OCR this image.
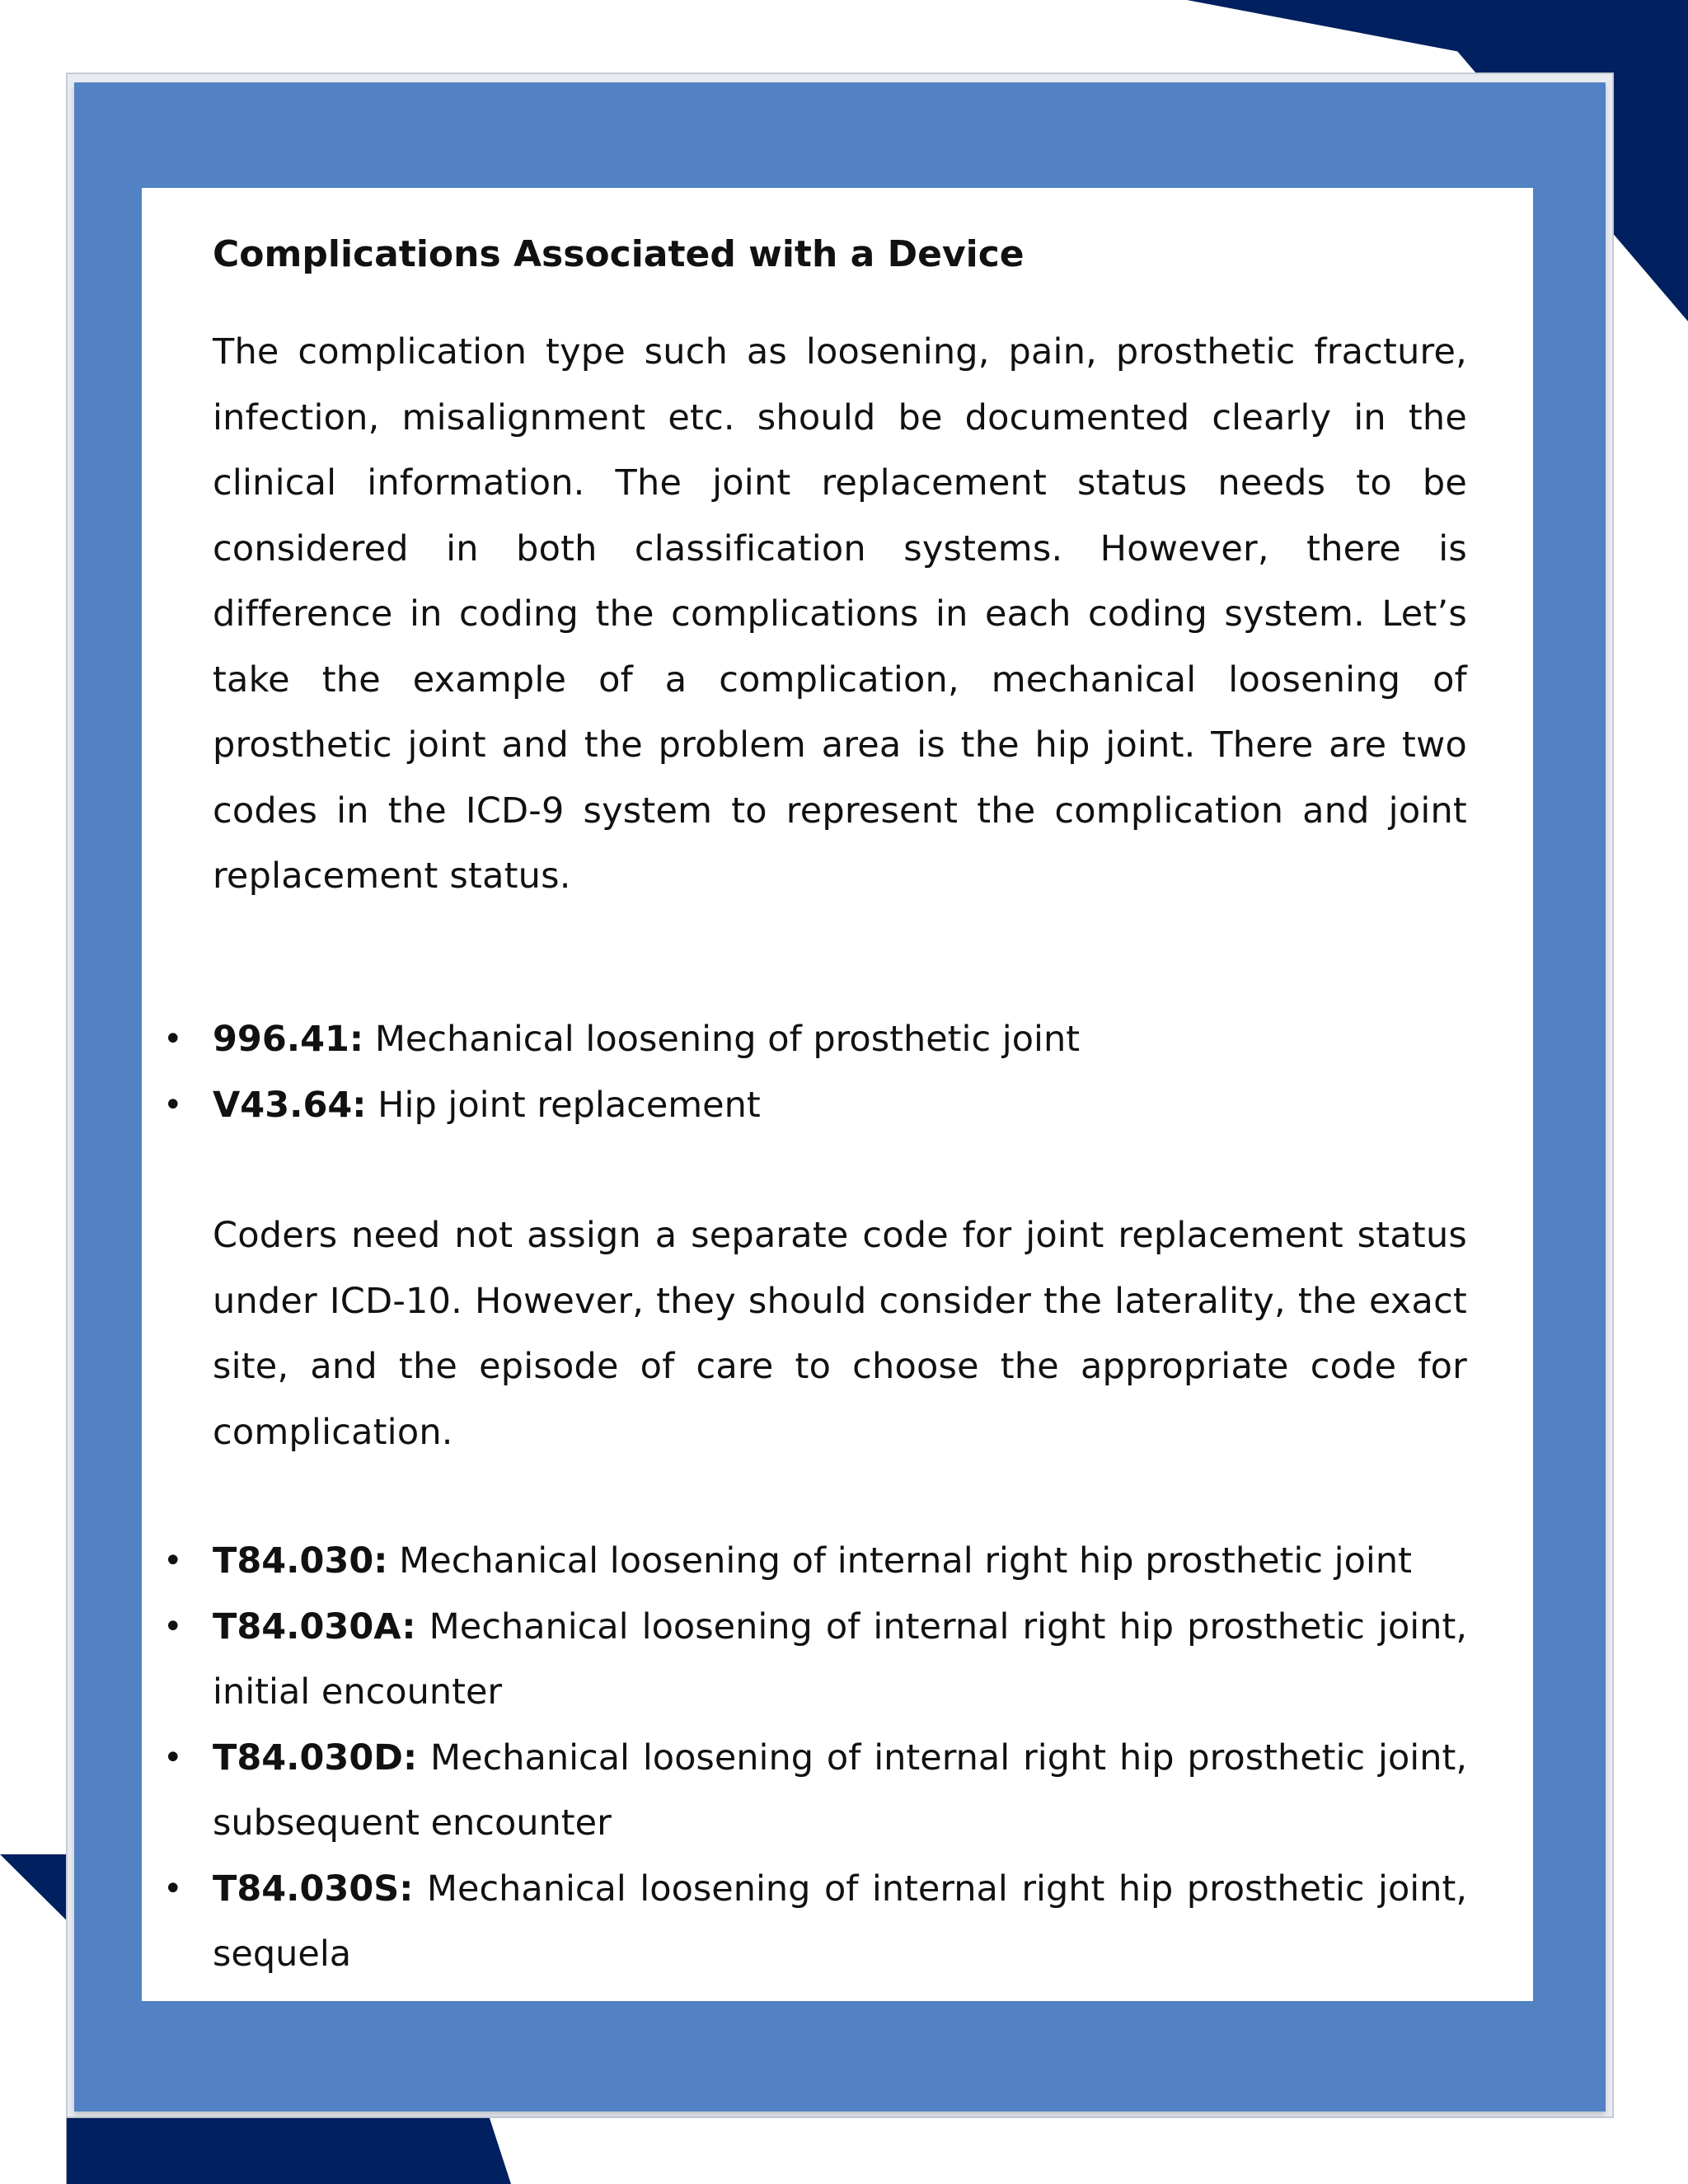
Complications Associated with a Device
The complication type such as loosening, pain, prosthetic fracture, infection, misalignment etc. should be documented clearly in the clinical information. The joint replacement status needs to be considered in both classification systems. However, there is difference in coding the complications in each coding system. Let’s take the example of a complication, mechanical loosening of prosthetic joint and the problem area is the hip joint. There are two codes in the ICD-9 system to represent the complication and joint replacement status.
• 996.41: Mechanical loosening of prosthetic joint
• V43.64: Hip joint replacement
Coders need not assign a separate code for joint replacement status under ICD-10. However, they should consider the laterality, the exact site, and the episode of care to choose the appropriate code for complication.
• T84.030: Mechanical loosening of internal right hip prosthetic joint
• T84.030A: Mechanical loosening of internal right hip prosthetic joint, initial encounter
• T84.030D: Mechanical loosening of internal right hip prosthetic joint, subsequent encounter
• T84.030S: Mechanical loosening of internal right hip prosthetic joint, sequela
